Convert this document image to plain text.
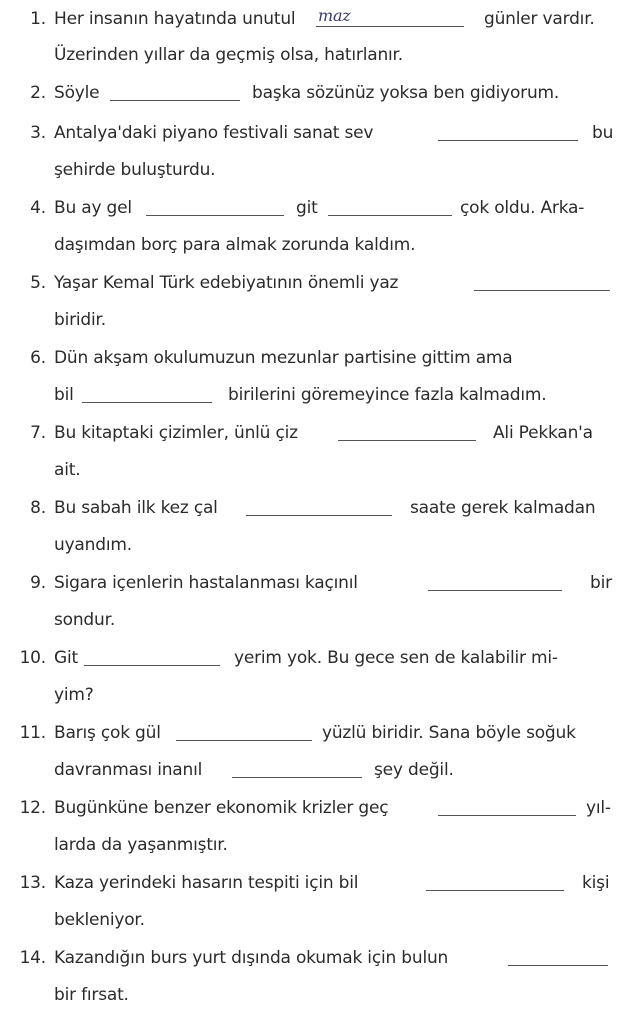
1. Her insanın hayatında unutul maz	günler vardır.
Üzerinden yıllar da geçmiş olsa, hatırlanır.
2. Söyle	başka sözünüz yoksa ben gidiyorum.
3. Antalya'daki piyano festivali sanat sev	bu
şehirde buluşturdu.
4. Bu ay gel	git	çok oldu. Arka-
daşımdan borç para almak zorunda kaldım.
5. Yaşar Kemal Türk edebiyatının önemli yaz
biridir.
6. Dün akşam okulumuzun mezunlar partisine gittim ama
bil	birilerini göremeyince fazla kalmadım.
7. Bu kitaptaki çizimler, ünlü çiz	Ali Pekkan'a
ait.
8. Bu sabah ilk kez çal	saate gerek kalmadan
uyandım.
9. Sigara içenlerin hastalanması kaçınıl	bir
sondur.
10. Git	yerim yok. Bu gece sen de kalabilir mi-
yim?
11. Barış çok gül	yüzlü biridir. Sana böyle soğuk
davranması inanıl	şey değil.
12. Bugünküne benzer ekonomik krizler geç	yıl-
larda da yaşanmıştır.
13. Kaza yerindeki hasarın tespiti için bil	kişi
bekleniyor.
14. Kazandığın burs yurt dışında okumak için bulun
bir fırsat.
